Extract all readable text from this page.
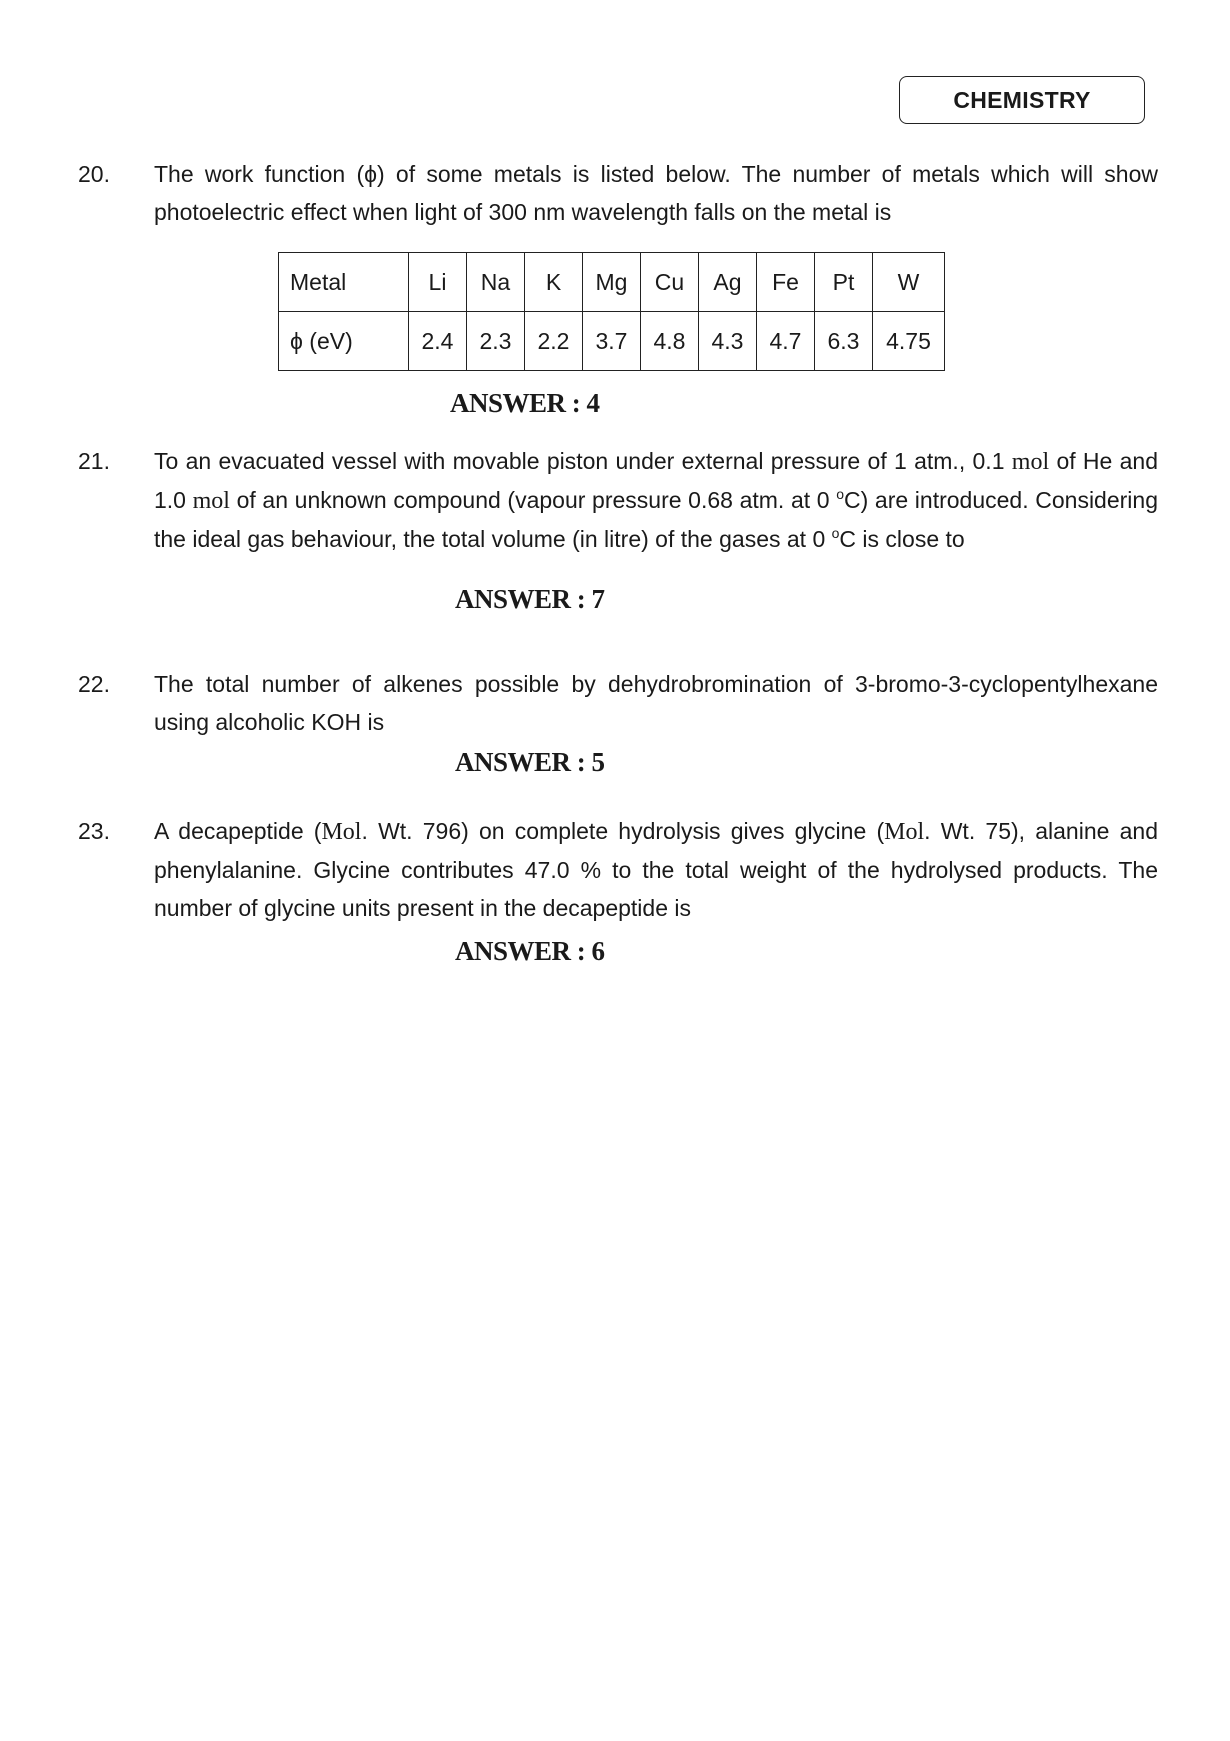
CHEMISTRY
20. The work function (ϕ) of some metals is listed below. The number of metals which will show photoelectric effect when light of 300 nm wavelength falls on the metal is
Metal	Li	Na	K	Mg	Cu	Ag	Fe	Pt	W
ϕ (eV)	2.4	2.3	2.2	3.7	4.8	4.3	4.7	6.3	4.75
ANSWER : 4
21. To an evacuated vessel with movable piston under external pressure of 1 atm., 0.1 mol of He and 1.0 mol of an unknown compound (vapour pressure 0.68 atm. at 0 $^o$C) are introduced. Considering the ideal gas behaviour, the total volume (in litre) of the gases at 0 $^o$C is close to
ANSWER : 7
22. The total number of alkenes possible by dehydrobromination of 3-bromo-3-cyclopentylhexane using alcoholic KOH is
ANSWER : 5
23. A decapeptide (Mol. Wt. 796) on complete hydrolysis gives glycine (Mol. Wt. 75), alanine and phenylalanine. Glycine contributes 47.0 % to the total weight of the hydrolysed products. The number of glycine units present in the decapeptide is
ANSWER : 6
